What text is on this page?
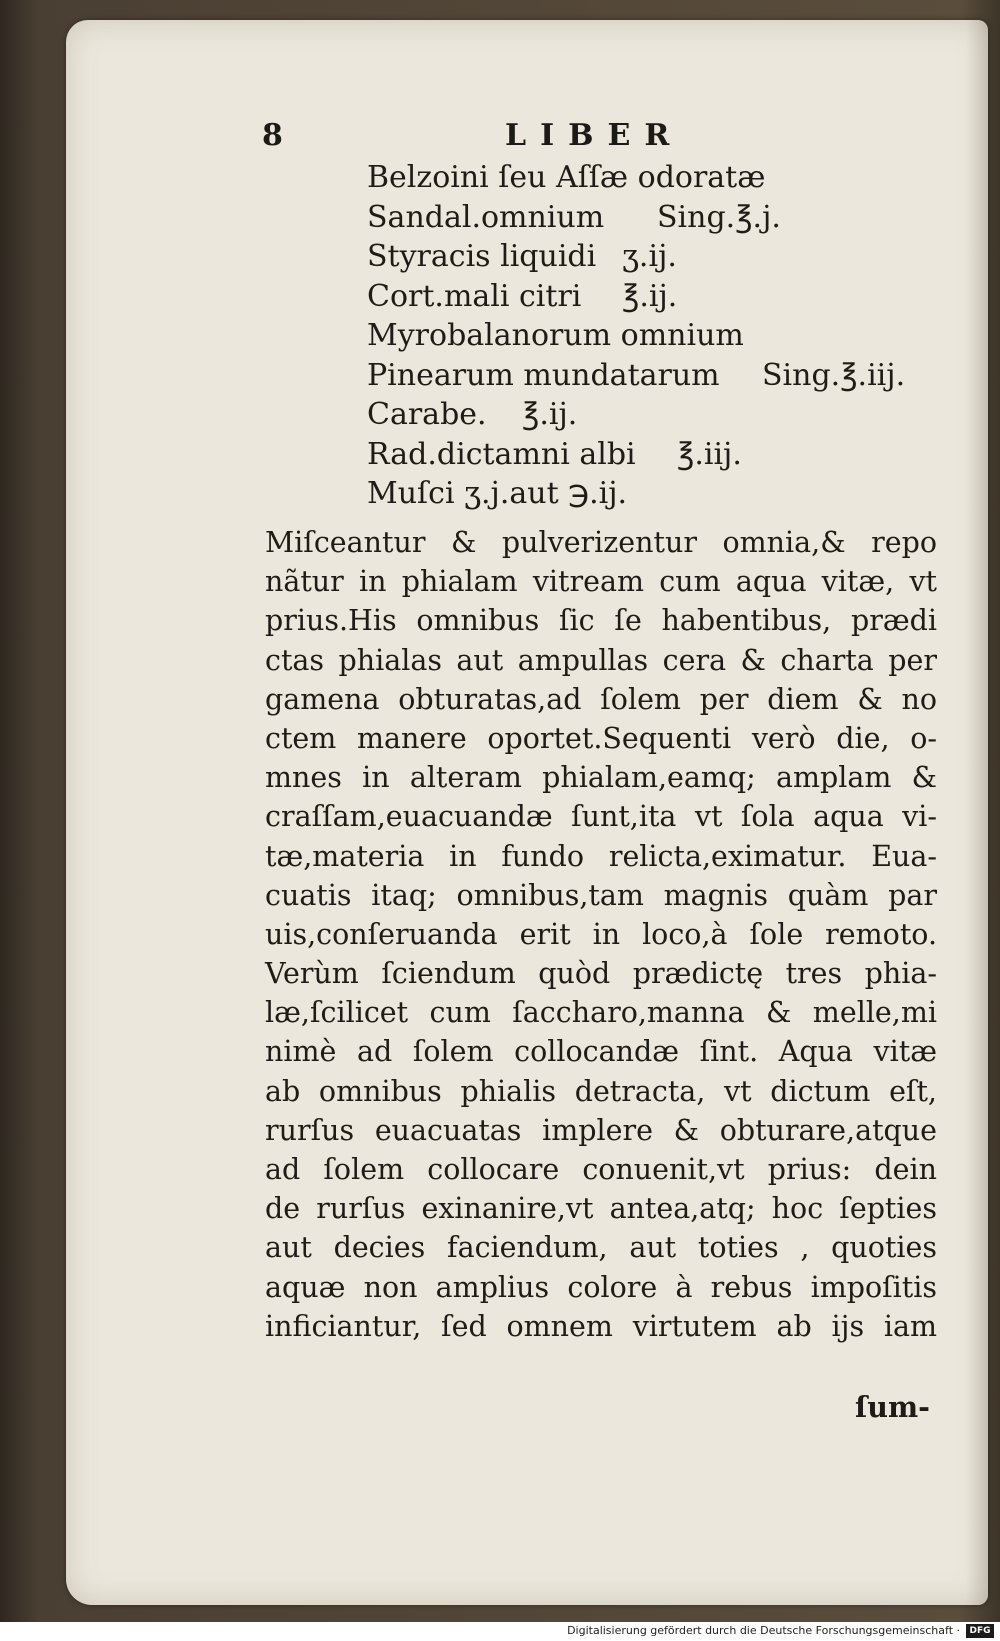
8	LIBER
Belzoini ſeu Aſſæ odoratæ
Sandal.omnium Sing.℥.j.
Styracis liquidi ʒ.ij.
Cort.mali citri ℥.ij.
Myrobalanorum omnium
Pinearum mundatarum Sing.℥.iij.
Carabe. ℥.ij.
Rad.dictamni albi ℥.iij.
Muſci ʒ.j.aut ℈.ij.
Miſceantur & pulverizentur omnia,& repo
nãtur in phialam vitream cum aqua vitæ, vt
prius.His omnibus ſic ſe habentibus, prædi
ctas phialas aut ampullas cera & charta per
gamena obturatas,ad ſolem per diem & no
ctem manere oportet.Sequenti verò die, o-
mnes in alteram phialam,eamq; amplam &
craſſam,euacuandæ ſunt,ita vt ſola aqua vi-
tæ,materia in fundo relicta,eximatur. Eua-
cuatis itaq; omnibus,tam magnis quàm par
uis,conſeruanda erit in loco,à ſole remoto.
Verùm ſciendum quòd prædictę tres phia-
læ,ſcilicet cum ſaccharo,manna & melle,mi
nimè ad ſolem collocandæ ſint. Aqua vitæ
ab omnibus phialis detracta, vt dictum eſt,
rurſus euacuatas implere & obturare,atque
ad ſolem collocare conuenit,vt prius: dein
de rurſus exinanire,vt antea,atq; hoc ſepties
aut decies faciendum, aut toties , quoties
aquæ non amplius colore à rebus impoſitis
inficiantur, ſed omnem virtutem ab ijs iam
ſum-
Digitalisierung gefördert durch die Deutsche Forschungsgemeinschaft ·	DFG
